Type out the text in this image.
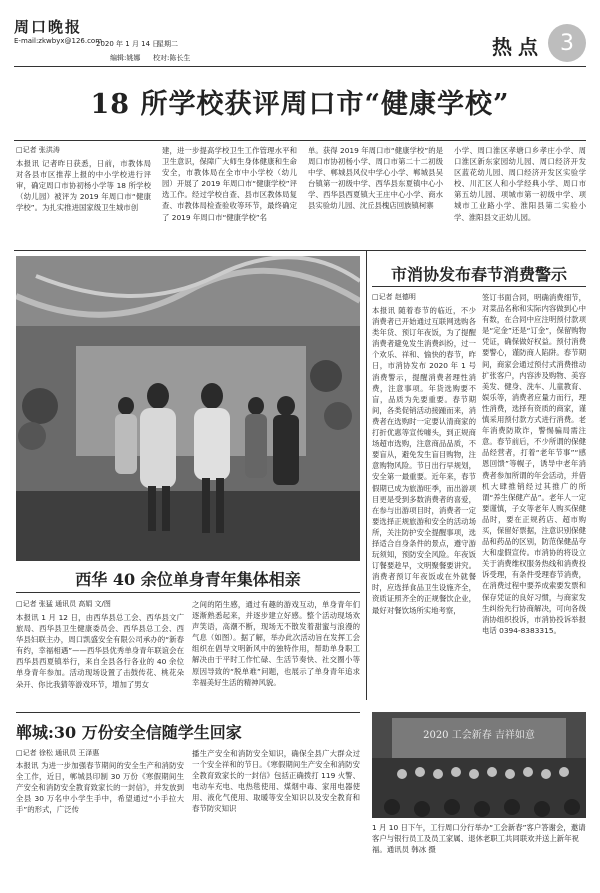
周口晚报
E-mail:zkwbyx@126.com
2020 年 1 月 14 日
星期二
编辑:姚娜 校对:陈长生	热点 3
18 所学校获评周口市“健康学校”
□记者 张洪涛
本报讯 记者昨日获悉，日前，市教体局对各县市区推荐上报的中小学校进行评审，确定周口市协初杨小学等 18 所学校（幼儿园）被评为 2019 年周口市“健康学校”。为扎实推进国家级卫生城市创
建，进一步提高学校卫生工作管理水平和卫生意识，保障广大师生身体健康和生命安全，市教体局在全市中小学校（幼儿园）开展了 2019 年周口市“健康学校”评选工作。经过学校自查、县市区教体局复查、市教体局检查验收等环节，最终确定了 2019 年周口市“健康学校”名
单。获得 2019 年周口市“健康学校”的是周口市协初杨小学、周口市第二十二初级中学、郸城县风仪中学心小学、郸城县吴台镇第一初级中学、西华县东夏镇中心小学、西华县西夏镇大王庄中心小学、商水县实验幼儿园、沈丘县槐店回族镇柯寨
小学、周口淮区孝塘口乡孝庄小学、周口淮区新东家园幼儿园、周口经济开发区蓝花幼儿园、周口经济开发区实验学校、川汇区人和小学经典小学、周口市第五幼儿园、项城市第一初级中学、项城市工业路小学、淮阳县第二实验小学、淮阳县文正幼儿园。
西华 40 余位单身青年集体相亲
□记者 张猛 通讯员 高娟 文/图
本报讯 1 月 12 日，由西华县总工会、西华县文广旅局、西华县卫生健康委员会、西华县总工会、西华县妇联主办，周口凯盛安全有限公司承办的“新春有约，幸福相遇”——西华县优秀单身青年联谊会在西华县西夏镇举行，来自全县各行各业的 40 余位单身青年参加。活动现场设置了击鼓传花、桃花朵朵开、你比我猜等游戏环节，增加了男女
之间的陌生感，通过有趣的游戏互动，单身青年们逐渐熟悉起来，并逐步建立好感。整个活动现场欢声笑语，高潮不断，现场无不散发着甜蜜与浪漫的气息（如图）。据了解，举办此次活动旨在发挥工会组织在倡导文明新风中的独特作用，帮助单身职工解决由于平时工作忙碌、生活节奏快、社交圈小等原因导致的“脱单难”问题，也展示了单身青年追求幸福美好生活的精神风貌。
郸城:30 万份安全信随学生回家
□记者 徐松 通讯员 王泽惠
本报讯 为进一步加强春节期间的安全生产和消防安全工作，近日，郸城县印制 30 万份《寒假期间生产安全和消防安全教育致家长的一封信》，并发放到全县 30 万名中小学生手中，希望通过“小手拉大手”的形式，广泛传
播生产安全和消防安全知识，确保全县广大群众过一个安全祥和的节日。《寒假期间生产安全和消防安全教育致家长的一封信》包括正确拨打 119 火警、电动车充电、电热毯使用、煤烟中毒、家用电器使用、液化气使用、取暖等安全知识以及安全教育和春节防灾知识
市消协发布春节消费警示
□记者 赵德明
本报讯 随着春节的临近，不少消费者已开始通过互联网选购各类年货、预订年夜饭，为了提醒消费者避免发生消费纠纷，过一个欢乐、祥和、愉快的春节，昨日，市消协发布 2020 年 1 号消费警示，提醒消费者理性消费，注意事项。年货选购要不盲，品质为先要重要。春节期间，各类促销活动接踵而来，消费者在选购时一定要认清商家的打折优惠等宣传噱头，到正规商场超市选购，注意商品品质，不要盲从，避免发生盲目购物，注意购物风险。节日出行早规划，安全第一最重要。近年来，春节假期已成为旅游旺季，而出游项目更是受到多数消费者的喜爱，在参与出游项目时，消费者一定要选择正规旅游和安全的活动场所，关注防护安全提醒事项，选择适合自身条件的景点，遵守游玩须知，预防安全风险。年夜饭订餐要趁早，文明聚餐要讲究。消费者预订年夜饭或在外就餐时，应选择食品卫生设施齐全，资质证照齐全的正规餐饮企业，最好对餐饮场所实地考察，
签订书面合同，明确消费细节，对菜品名称和实际内容做到心中有数，在合同中应注明预付款项是“定金”还是“订金”，保留购物凭证，确保做好权益。预付消费要警心，谨防商人陷阱。春节期间，商家会通过预付式消费推动扩张客户，内容涉及购物、美容美发、健身、洗车、儿童教育、娱乐等，消费者应量力而行，理性消费，选择有资质的商家，谨慎采用预付款方式进行消费。老年消费防欺诈，警惕骗局需注意。春节前后，不少所谓的保健品经营者，打着“老年节事”“感恩回馈”等幌子，诱导中老年消费者参加所谓的年会活动，并借机大肆推销经过其推广的所谓“养生保健产品”。老年人一定要谨慎，子女等老年人购买保健品时，要在正规药店、超市购买，保留好票据，注意识别保健品和药品的区别，防范保健品夸大和虚假宣传。市消协的将设立关于消费维权服务热线和消费投诉受理，有条件受理春节消费，在消费过程中要养成索要发票和保存凭证的良好习惯，与商家发生纠纷先行协商解决，可向各级消协组织投诉，市消协投诉举报电话 0394-8383315。
2020 工会新春 吉祥如意
1 月 10 日下午，工行周口分行举办“工会新春”客户答谢会，邀请客户与银行员工及员工家属、退休老职工共同联欢并送上新年祝福。通讯员 韩冰 摄
